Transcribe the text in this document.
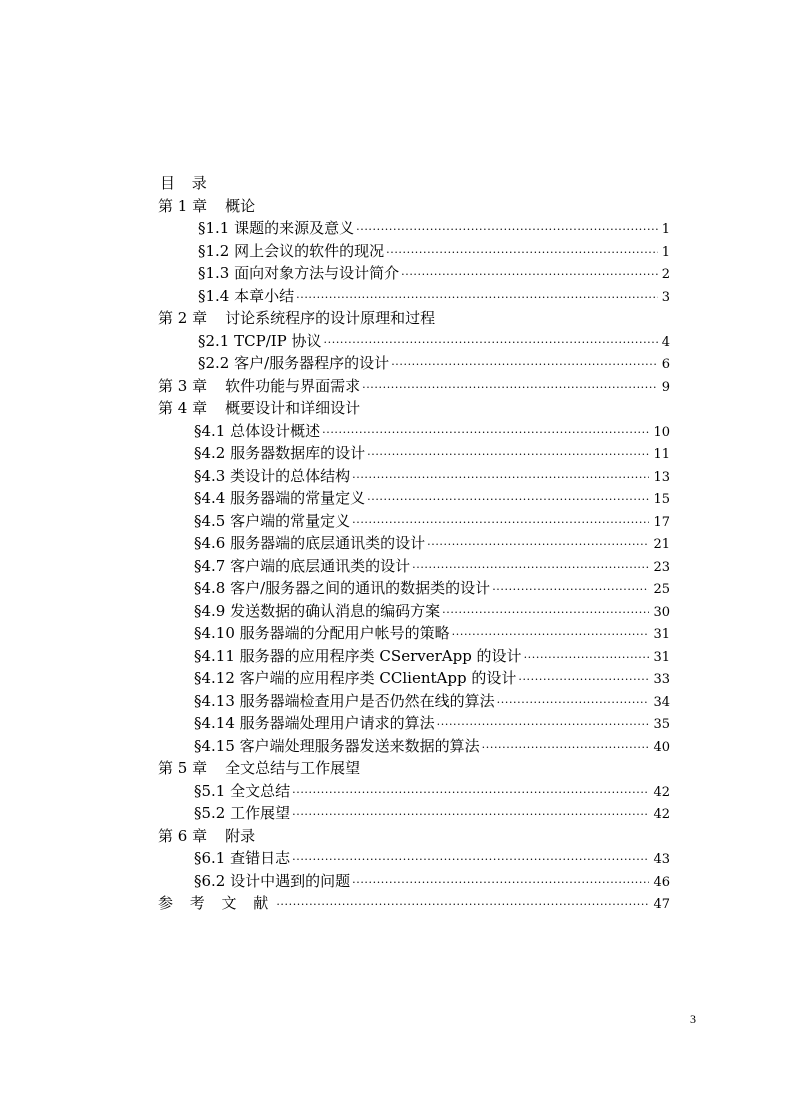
目 录
第 1 章 概论
§1.1 课题的来源及意义 ·····	1
§1.2 网上会议的软件的现况 ·····	1
§1.3 面向对象方法与设计简介 ·····	2
§1.4 本章小结 ·····	3
第 2 章 讨论系统程序的设计原理和过程
§2.1 TCP/IP 协议 ·····	4
§2.2 客户/服务器程序的设计 ·····	6
第 3 章 软件功能与界面需求 ·····	9
第 4 章 概要设计和详细设计
§4.1 总体设计概述 ·····	10
§4.2 服务器数据库的设计 ·····	11
§4.3 类设计的总体结构 ·····	13
§4.4 服务器端的常量定义 ·····	15
§4.5 客户端的常量定义 ·····	17
§4.6 服务器端的底层通讯类的设计 ·····	21
§4.7 客户端的底层通讯类的设计 ·····	23
§4.8 客户/服务器之间的通讯的数据类的设计 ·····	25
§4.9 发送数据的确认消息的编码方案 ·····	30
§4.10 服务器端的分配用户帐号的策略 ·····	31
§4.11 服务器的应用程序类 CServerApp 的设计 ·····	31
§4.12 客户端的应用程序类 CClientApp 的设计 ·····	33
§4.13 服务器端检查用户是否仍然在线的算法 ·····	34
§4.14 服务器端处理用户请求的算法 ·····	35
§4.15 客户端处理服务器发送来数据的算法 ·····	40
第 5 章 全文总结与工作展望
§5.1 全文总结 ·····	42
§5.2 工作展望 ·····	42
第 6 章 附录
§6.1 查错日志 ·····	43
§6.2 设计中遇到的问题 ·····	46
参 考 文 献 ·····	47
3
